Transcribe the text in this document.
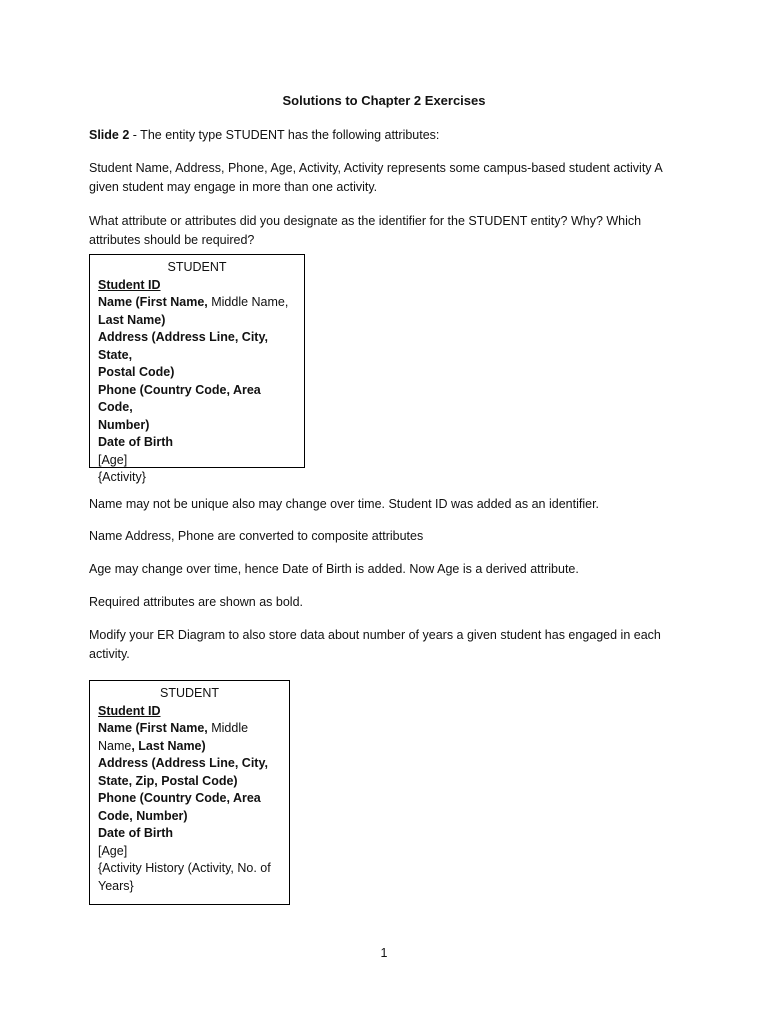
Solutions to Chapter 2 Exercises

Slide 2 - The entity type STUDENT has the following attributes:

Student Name, Address, Phone, Age, Activity, Activity represents some campus-based student activity A given student may engage in more than one activity.

What attribute or attributes did you designate as the identifier for the STUDENT entity? Why? Which attributes should be required?

STUDENT
Student ID
Name (First Name, Middle Name,
Last Name)
Address (Address Line, City, State,
Postal Code)
Phone (Country Code, Area Code,
Number)
Date of Birth
[Age]
{Activity}

Name may not be unique also may change over time. Student ID was added as an identifier.

Name Address, Phone are converted to composite attributes

Age may change over time, hence Date of Birth is added. Now Age is a derived attribute.

Required attributes are shown as bold.

Modify your ER Diagram to also store data about number of years a given student has engaged in each activity.

STUDENT
Student ID
Name (First Name, Middle
Name, Last Name)
Address (Address Line, City,
State, Zip, Postal Code)
Phone (Country Code, Area
Code, Number)
Date of Birth
[Age]
{Activity History (Activity, No. of
Years}
1
